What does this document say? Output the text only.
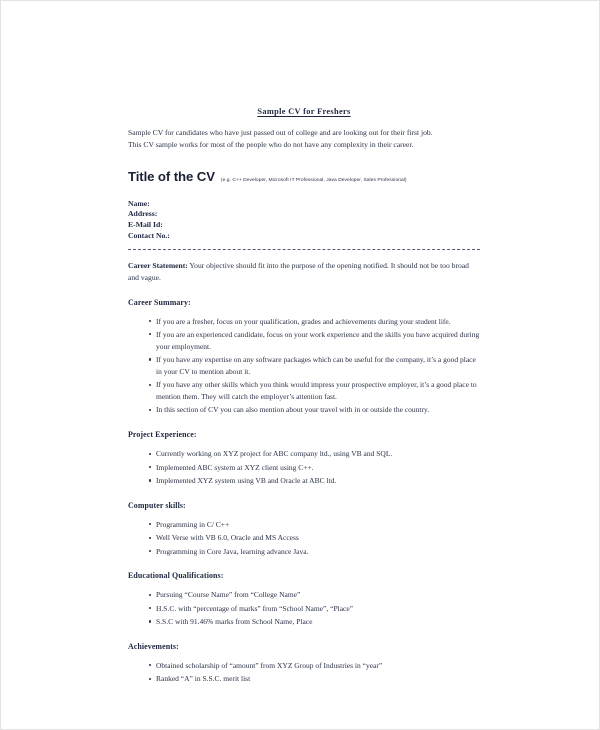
Sample CV for Freshers

Sample CV for candidates who have just passed out of college and are looking out for their first job.
This CV sample works for most of the people who do not have any complexity in their career.

Title of the CV (e.g. C++ Developer, Microsoft IT Professional, Java Developer, Sales Professional)
Name:
Address:
E-Mail Id:
Contact No.:

Career Statement: Your objective should fit into the purpose of the opening notified. It should not be too broad and vague.

Career Summary:
If you are a fresher, focus on your qualification, grades and achievements during your student life.
If you are an experienced candidate, focus on your work experience and the skills you have acquired during your employment.
If you have any expertise on any software packages which can be useful for the company, it’s a good place in your CV to mention about it.
If you have any other skills which you think would impress your prospective employer, it’s a good place to mention them. They will catch the employer’s attention fast.
In this section of CV you can also mention about your travel with in or outside the country.
Project Experience:
Currently working on XYZ project for ABC company ltd., using VB and SQL.
Implemented ABC system at XYZ client using C++.
Implemented XYZ system using VB and Oracle at ABC ltd.
Computer skills:
Programming in C/ C++
Well Verse with VB 6.0, Oracle and MS Access
Programming in Core Java, learning advance Java.
Educational Qualifications:
Pursuing “Course Name” from “College Name”
H.S.C. with “percentage of marks” from “School Name”, “Place”
S.S.C with 91.46% marks from School Name, Place
Achievements:
Obtained scholarship of “amount” from XYZ Group of Industries in “year”
Ranked “A” in S.S.C. merit list
